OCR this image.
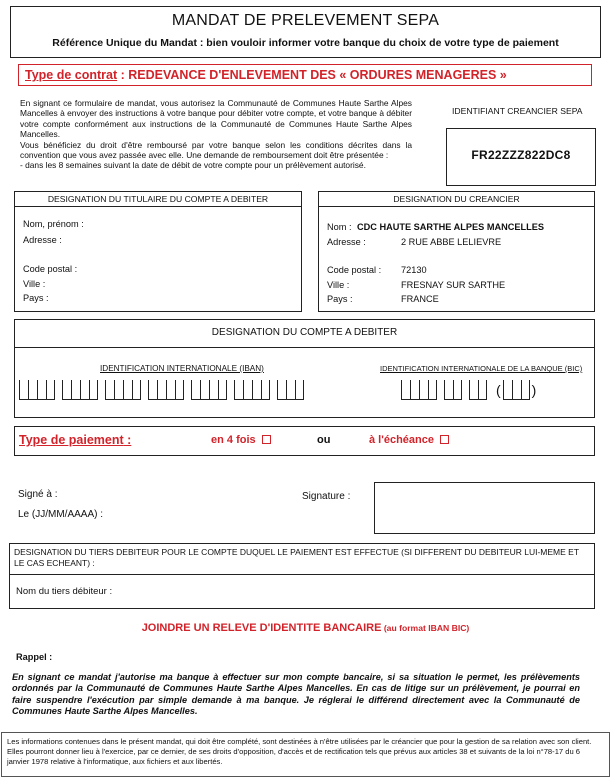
MANDAT DE PRELEVEMENT SEPA
Référence Unique du Mandat : bien vouloir informer votre banque du choix de votre type de paiement
Type de contrat : REDEVANCE D'ENLEVEMENT DES « ORDURES MENAGERES »

En signant ce formulaire de mandat, vous autorisez la Communauté de Communes Haute Sarthe Alpes Mancelles à envoyer des instructions à votre banque pour débiter votre compte, et votre banque à débiter votre compte conformément aux instructions de la Communauté de Communes Haute Sarthe Alpes Mancelles.

Vous bénéficiez du droit d'être remboursé par votre banque selon les conditions décrites dans la convention que vous avez passée avec elle. Une demande de remboursement doit être présentée :

- dans les 8 semaines suivant la date de débit de votre compte pour un prélèvement autorisé.

IDENTIFIANT CREANCIER SEPA
FR22ZZZ822DC8
DESIGNATION DU TITULAIRE DU COMPTE A DEBITER
Nom, prénom :
Adresse :
Code postal :
Ville :
Pays :
DESIGNATION DU CREANCIER
Nom : CDC HAUTE SARTHE ALPES MANCELLES
Adresse :	2 RUE ABBE LELIEVRE
Code postal : 72130
Ville :	FRESNAY SUR SARTHE
Pays :	FRANCE
DESIGNATION DU COMPTE A DEBITER
IDENTIFICATION INTERNATIONALE (IBAN)	IDENTIFICATION INTERNATIONALE DE LA BANQUE (BIC)
( )
Type de paiement :	en 4 fois	ou	à l'échéance
Signé à :
Le (JJ/MM/AAAA) :
Signature :
DESIGNATION DU TIERS DEBITEUR POUR LE COMPTE DUQUEL LE PAIEMENT EST EFFECTUE (SI DIFFERENT DU DEBITEUR LUI-MEME ET LE CAS ECHEANT) :
Nom du tiers débiteur :
JOINDRE UN RELEVE D'IDENTITE BANCAIRE (au format IBAN BIC)
Rappel :
En signant ce mandat j'autorise ma banque à effectuer sur mon compte bancaire, si sa situation le permet, les prélèvements ordonnés par la Communauté de Communes Haute Sarthe Alpes Mancelles. En cas de litige sur un prélèvement, je pourrai en faire suspendre l'exécution par simple demande à ma banque. Je réglerai le différend directement avec la Communauté de Communes Haute Sarthe Alpes Mancelles.
Les informations contenues dans le présent mandat, qui doit être complété, sont destinées à n'être utilisées par le créancier que pour la gestion de sa relation avec son client. Elles pourront donner lieu à l'exercice, par ce dernier, de ses droits d'opposition, d'accès et de rectification tels que prévus aux articles 38 et suivants de la loi n°78-17 du 6 janvier 1978 relative à l'informatique, aux fichiers et aux libertés.
